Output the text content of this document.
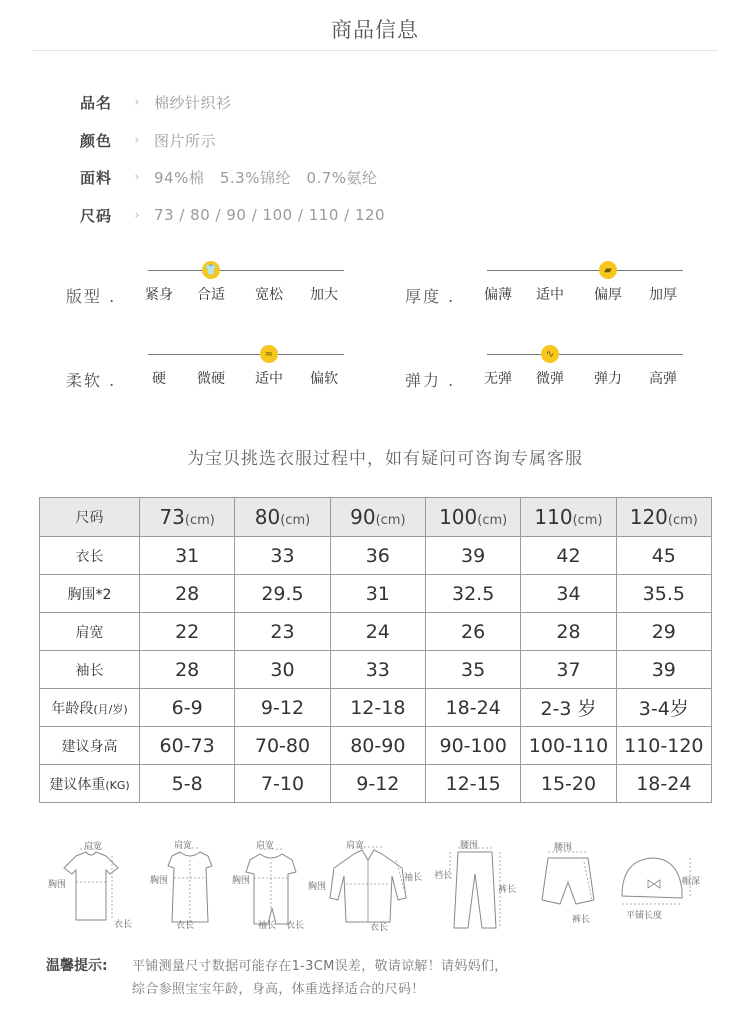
商品信息
品名	› 棉纱针织衫
颜色	› 图片所示
面料	› 94%棉　5.3%锦纶　0.7%氨纶
尺码	› 73 / 80 / 90 / 100 / 110 / 120
版型 .	紧身	合适	宽松	加大
👕
厚度 .	偏薄	适中	偏厚	加厚
▰
柔软 .	硬	微硬	适中	偏软
≈
弹力 .	无弹	微弹	弹力	高弹
∿
为宝贝挑选衣服过程中，如有疑问可咨询专属客服
尺码	73(cm)	80(cm)	90(cm)	100(cm)	110(cm)	120(cm)
衣长	31	33	36	39	42	45
胸围*2	28	29.5	31	32.5	34	35.5
肩宽	22	23	24	26	28	29
袖长	28	30	33	35	37	39
年龄段(月/岁)	6-9	9-12	12-18	18-24	2-3 岁	3-4岁
建议身高	60-73	70-80	80-90	90-100	100-110	110-120
建议体重(KG)	5-8	7-10	9-12	12-15	15-20	18-24
肩宽
胸围
衣长
肩宽
胸围
衣长
肩宽
胸围
袖长 衣长
肩宽
胸围
袖长
衣长
腰围
裆长
裤长
腰围
裤长
帽深
平铺长度
温馨提示: 平铺测量尺寸数据可能存在1-3CM误差，敬请谅解！请妈妈们，
综合参照宝宝年龄，身高，体重选择适合的尺码！
